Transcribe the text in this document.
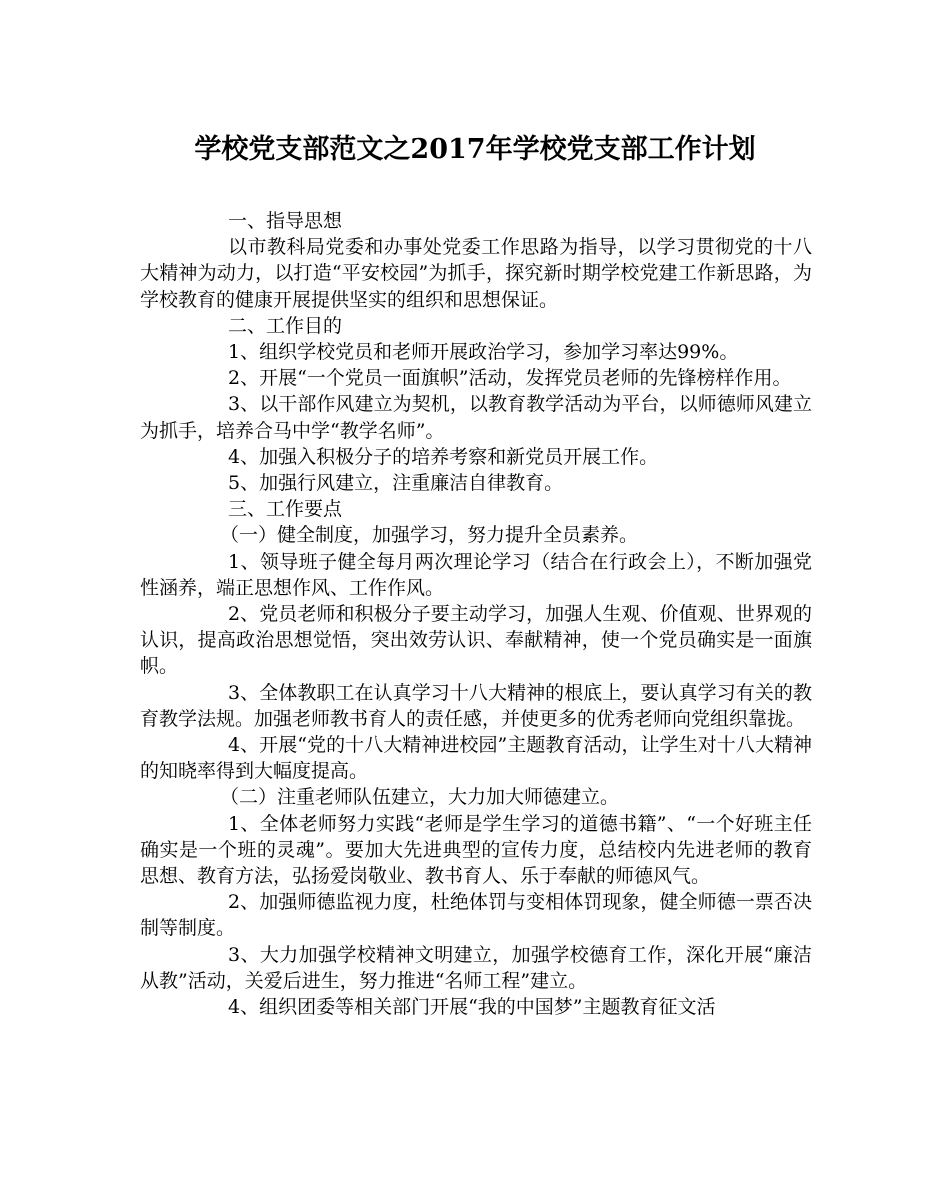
学校党支部范文之2017年学校党支部工作计划

一、指导思想

以市教科局党委和办事处党委工作思路为指导，以学习贯彻党的十八大精神为动力，以打造“平安校园”为抓手，探究新时期学校党建工作新思路，为学校教育的健康开展提供坚实的组织和思想保证。

二、工作目的

1、组织学校党员和老师开展政治学习，参加学习率达99%。

2、开展“一个党员一面旗帜”活动，发挥党员老师的先锋榜样作用。

3、以干部作风建立为契机，以教育教学活动为平台，以师德师风建立为抓手，培养合马中学“教学名师”。

4、加强入积极分子的培养考察和新党员开展工作。

5、加强行风建立，注重廉洁自律教育。

三、工作要点

（一）健全制度，加强学习，努力提升全员素养。

1、领导班子健全每月两次理论学习（结合在行政会上），不断加强党性涵养，端正思想作风、工作作风。

2、党员老师和积极分子要主动学习，加强人生观、价值观、世界观的认识，提高政治思想觉悟，突出效劳认识、奉献精神，使一个党员确实是一面旗帜。

3、全体教职工在认真学习十八大精神的根底上，要认真学习有关的教育教学法规。加强老师教书育人的责任感，并使更多的优秀老师向党组织靠拢。

4、开展“党的十八大精神进校园”主题教育活动，让学生对十八大精神的知晓率得到大幅度提高。

（二）注重老师队伍建立，大力加大师德建立。

1、全体老师努力实践“老师是学生学习的道德书籍”、“一个好班主任确实是一个班的灵魂”。要加大先进典型的宣传力度，总结校内先进老师的教育思想、教育方法，弘扬爱岗敬业、教书育人、乐于奉献的师德风气。

2、加强师德监视力度，杜绝体罚与变相体罚现象，健全师德一票否决制等制度。

3、大力加强学校精神文明建立，加强学校德育工作，深化开展“廉洁从教”活动，关爱后进生，努力推进“名师工程”建立。

4、组织团委等相关部门开展“我的中国梦”主题教育征文活
